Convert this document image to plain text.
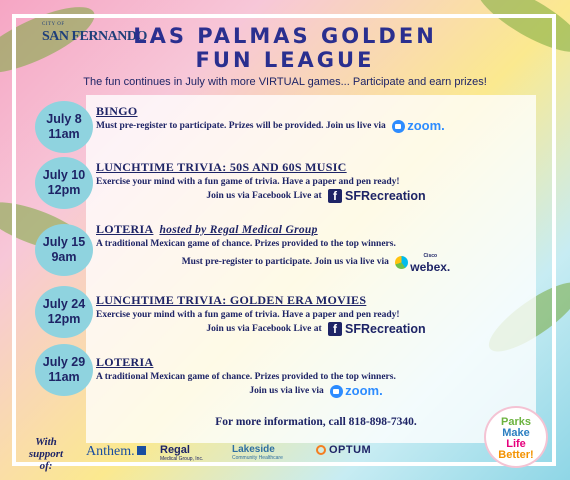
CITY OF
SAN FERNANDO
LAS PALMAS GOLDEN
FUN LEAGUE
The fun continues in July with more VIRTUAL games... Participate and earn prizes!
July 8
11am
July 10
12pm
July 15
9am
July 24
12pm
July 29
11am
BINGO
Must pre-register to participate. Prizes will be provided. Join us live via zoom.
LUNCHTIME TRIVIA: 50S AND 60S MUSIC
Exercise your mind with a fun game of trivia. Have a paper and pen ready!
Join us via Facebook Live at f SFRecreation
LOTERIA hosted by Regal Medical Group
A traditional Mexican game of chance. Prizes provided to the top winners.
Must pre-register to participate. Join us via live via
Cisco
webex.
LUNCHTIME TRIVIA: GOLDEN ERA MOVIES
Exercise your mind with a fun game of trivia. Have a paper and pen ready!
Join us via Facebook Live at f SFRecreation
LOTERIA
A traditional Mexican game of chance. Prizes provided to the top winners.
Join us via live via zoom.
For more information, call 818-898-7340.
With
support of:
Anthem.	Regal
Medical Group, Inc.
Lakeside
Community Healthcare
OPTUM
Parks
Make
Life
Better!
